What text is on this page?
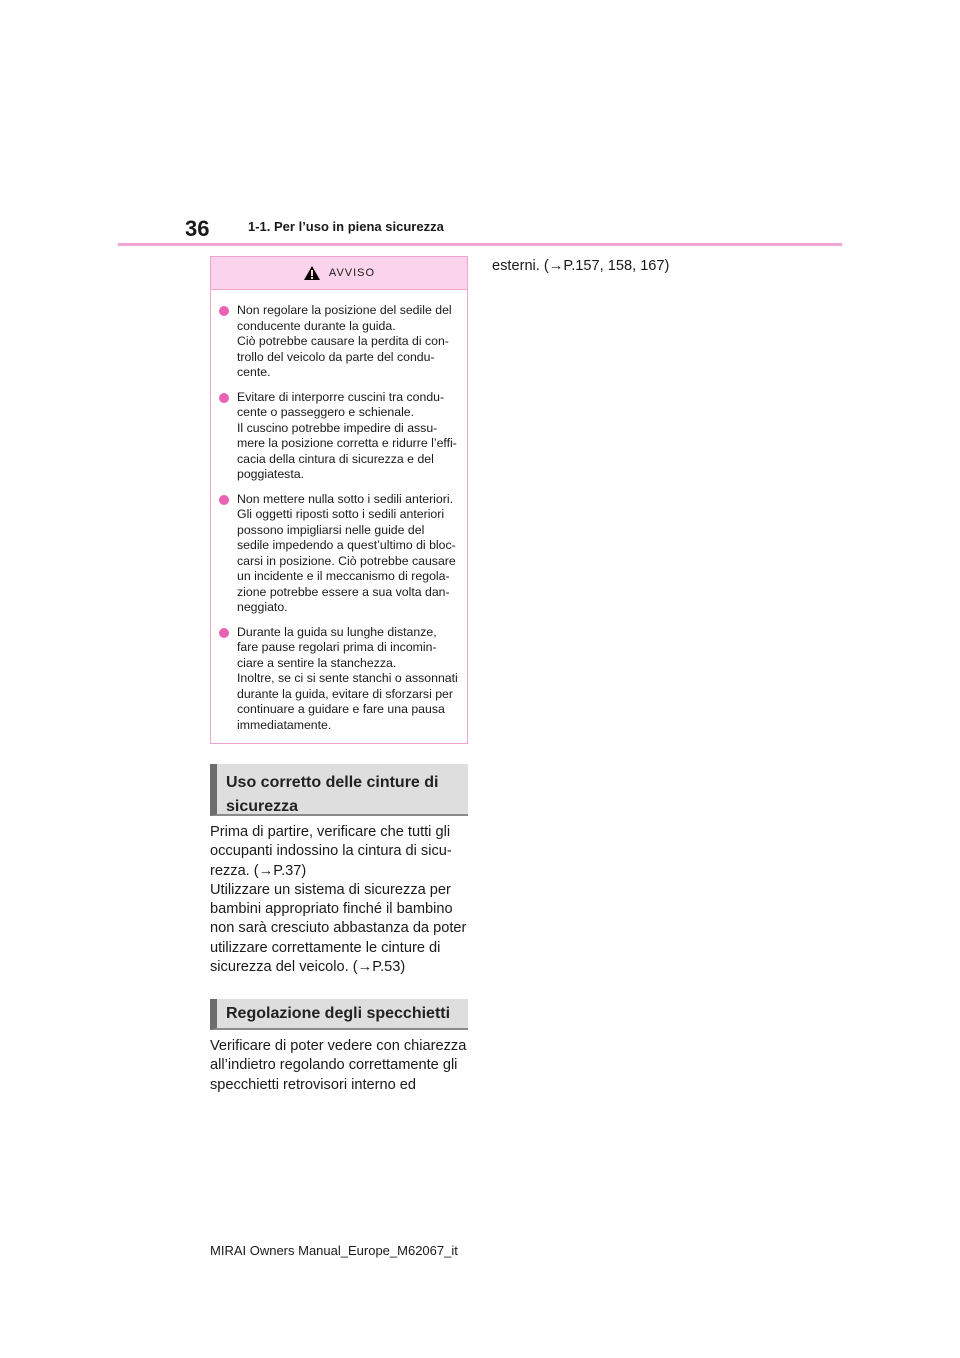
36	1-1. Per l’uso in piena sicurezza
AVVISO
Non regolare la posizione del sedile del
conducente durante la guida.
Ciò potrebbe causare la perdita di con-
trollo del veicolo da parte del condu-
cente.
Evitare di interporre cuscini tra condu-
cente o passeggero e schienale.
Il cuscino potrebbe impedire di assu-
mere la posizione corretta e ridurre l’effi-
cacia della cintura di sicurezza e del
poggiatesta.
Non mettere nulla sotto i sedili anteriori.
Gli oggetti riposti sotto i sedili anteriori
possono impigliarsi nelle guide del
sedile impedendo a quest’ultimo di bloc-
carsi in posizione. Ciò potrebbe causare
un incidente e il meccanismo di regola-
zione potrebbe essere a sua volta dan-
neggiato.
Durante la guida su lunghe distanze,
fare pause regolari prima di incomin-
ciare a sentire la stanchezza.
Inoltre, se ci si sente stanchi o assonnati
durante la guida, evitare di sforzarsi per
continuare a guidare e fare una pausa
immediatamente.
Uso corretto delle cinture di
sicurezza
Prima di partire, verificare che tutti gli
occupanti indossino la cintura di sicu-
rezza. (→P.37)
Utilizzare un sistema di sicurezza per
bambini appropriato finché il bambino
non sarà cresciuto abbastanza da poter
utilizzare correttamente le cinture di
sicurezza del veicolo. (→P.53)
Regolazione degli specchietti
Verificare di poter vedere con chiarezza
all’indietro regolando correttamente gli
specchietti retrovisori interno ed
esterni. (→P.157, 158, 167)
MIRAI Owners Manual_Europe_M62067_it
